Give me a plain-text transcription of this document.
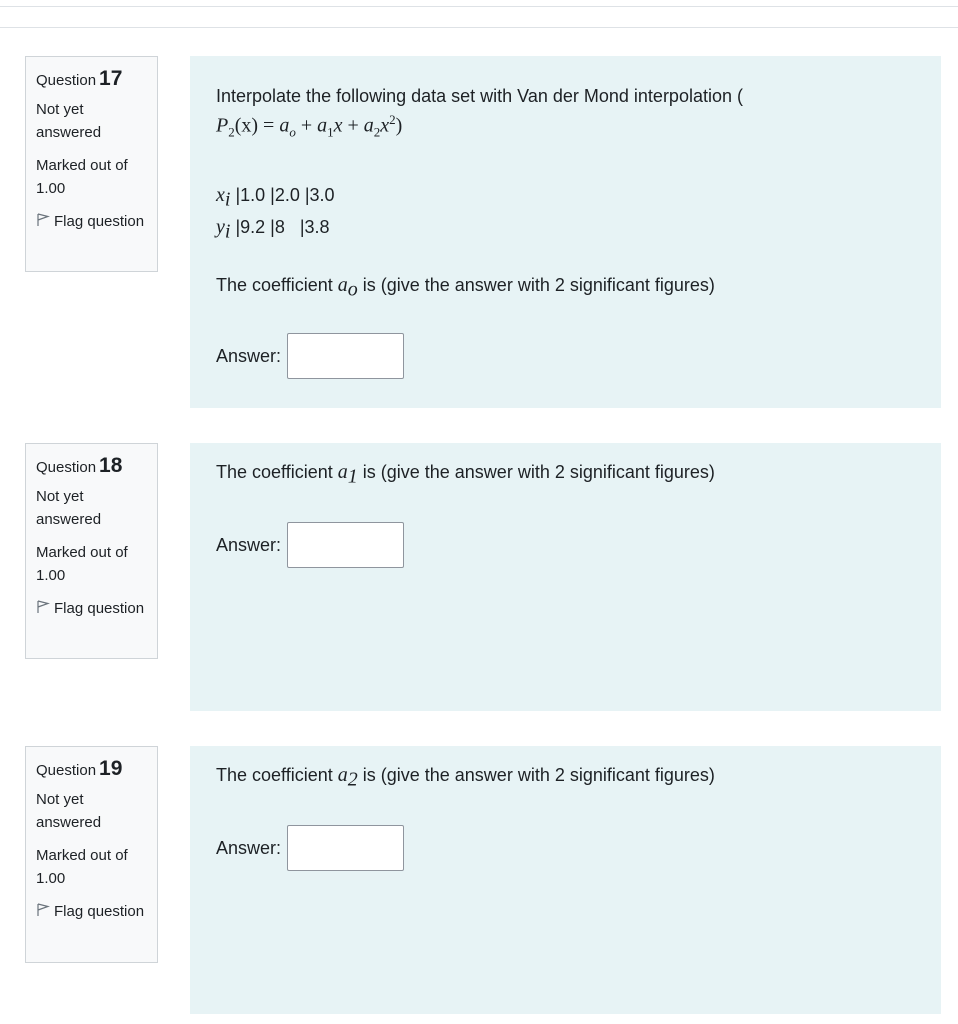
Question 17
Not yet answered
Marked out of 1.00
Flag question
Interpolate the following data set with Van der Mond interpolation (
$P_2(x) = a_o + a_1x + a_2x^2$)
$x_i$ |1.0 |2.0 |3.0
$y_i$ |9.2 |8   |3.8
The coefficient $a_o$ is (give the answer with 2 significant figures)
Answer:
Question 18
Not yet answered
Marked out of 1.00
Flag question
The coefficient $a_1$ is (give the answer with 2 significant figures)
Answer:
Question 19
Not yet answered
Marked out of 1.00
Flag question
The coefficient $a_2$ is (give the answer with 2 significant figures)
Answer:
